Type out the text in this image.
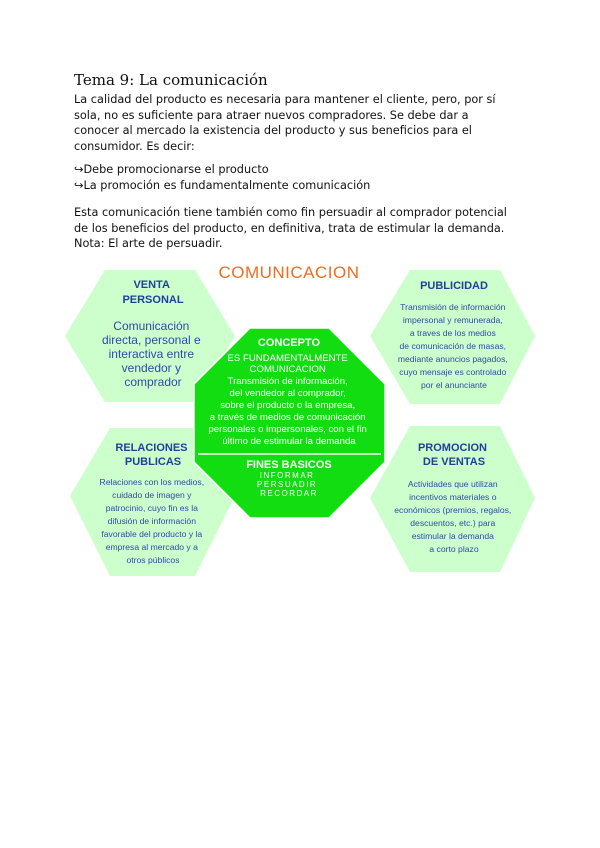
Tema 9: La comunicación
La calidad del producto es necesaria para mantener el cliente, pero, por sí
sola, no es suficiente para atraer nuevos compradores. Se debe dar a
conocer al mercado la existencia del producto y sus beneficios para el
consumidor. Es decir:
↪Debe promocionarse el producto
↪La promoción es fundamentalmente comunicación
Esta comunicación tiene también como fin persuadir al comprador potencial
de los beneficios del producto, en definitiva, trata de estimular la demanda.
Nota: El arte de persuadir.
COMUNICACION
VENTA PERSONAL
Comunicación directa, personal e interactiva entre vendedor y comprador
PUBLICIDAD
Transmisión de información impersonal y remunerada, a traves de los medios de comunicación de masas, mediante anuncios pagados, cuyo mensaje es controlado por el anunciante
RELACIONES PUBLICAS
Relaciones con los medios, cuidado de imagen y patrocinio, cuyo fin es la difusión de información favorable del producto y la empresa al mercado y a otros públicos
PROMOCION DE VENTAS
Actividades que utilizan incentivos materiales o económicos (premios, regalos, descuentos, etc.) para estimular la demanda a corto plazo
CONCEPTO
ES FUNDAMENTALMENTE COMUNICACION Transmisión de información, del vendedor al comprador, sobre el producto o la empresa, a través de medios de comunicación personales o impersonales, con el fin último de estimular la demanda
FINES BASICOS
INFORMAR PERSUADIR RECORDAR
